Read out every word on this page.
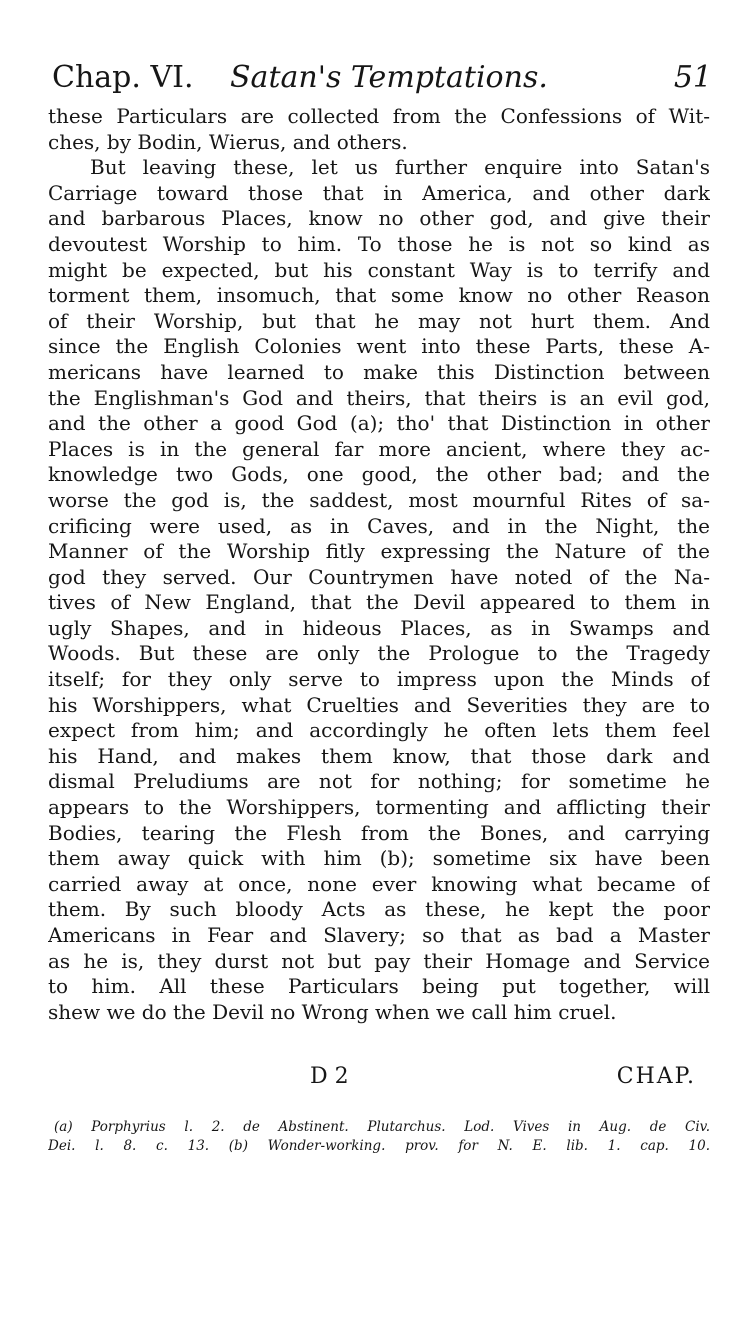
Chap. VI. Satan's Temptations.	51
these Particulars are collected from the Confessions of Wit-
ches, by Bodin, Wierus, and others.
But leaving these, let us further enquire into Satan's
Carriage toward those that in America, and other dark
and barbarous Places, know no other god, and give their
devoutest Worship to him. To those he is not so kind as
might be expected, but his constant Way is to terrify and
torment them, insomuch, that some know no other Reason
of their Worship, but that he may not hurt them. And
since the English Colonies went into these Parts, these A-
mericans have learned to make this Distinction between
the Englishman's God and theirs, that theirs is an evil god,
and the other a good God (a); tho' that Distinction in other
Places is in the general far more ancient, where they ac-
knowledge two Gods, one good, the other bad; and the
worse the god is, the saddest, most mournful Rites of sa-
crificing were used, as in Caves, and in the Night, the
Manner of the Worship fitly expressing the Nature of the
god they served. Our Countrymen have noted of the Na-
tives of New England, that the Devil appeared to them in
ugly Shapes, and in hideous Places, as in Swamps and
Woods. But these are only the Prologue to the Tragedy
itself; for they only serve to impress upon the Minds of
his Worshippers, what Cruelties and Severities they are to
expect from him; and accordingly he often lets them feel
his Hand, and makes them know, that those dark and
dismal Preludiums are not for nothing; for sometime he
appears to the Worshippers, tormenting and afflicting their
Bodies, tearing the Flesh from the Bones, and carrying
them away quick with him (b); sometime six have been
carried away at once, none ever knowing what became of
them. By such bloody Acts as these, he kept the poor
Americans in Fear and Slavery; so that as bad a Master
as he is, they durst not but pay their Homage and Service
to him. All these Particulars being put together, will
shew we do the Devil no Wrong when we call him cruel.
D 2	CHAP.
(a) Porphyrius l. 2. de Abstinent. Plutarchus. Lod. Vives in Aug. de Civ.
Dei. l. 8. c. 13. (b) Wonder-working. prov. for N. E. lib. 1. cap. 10.
